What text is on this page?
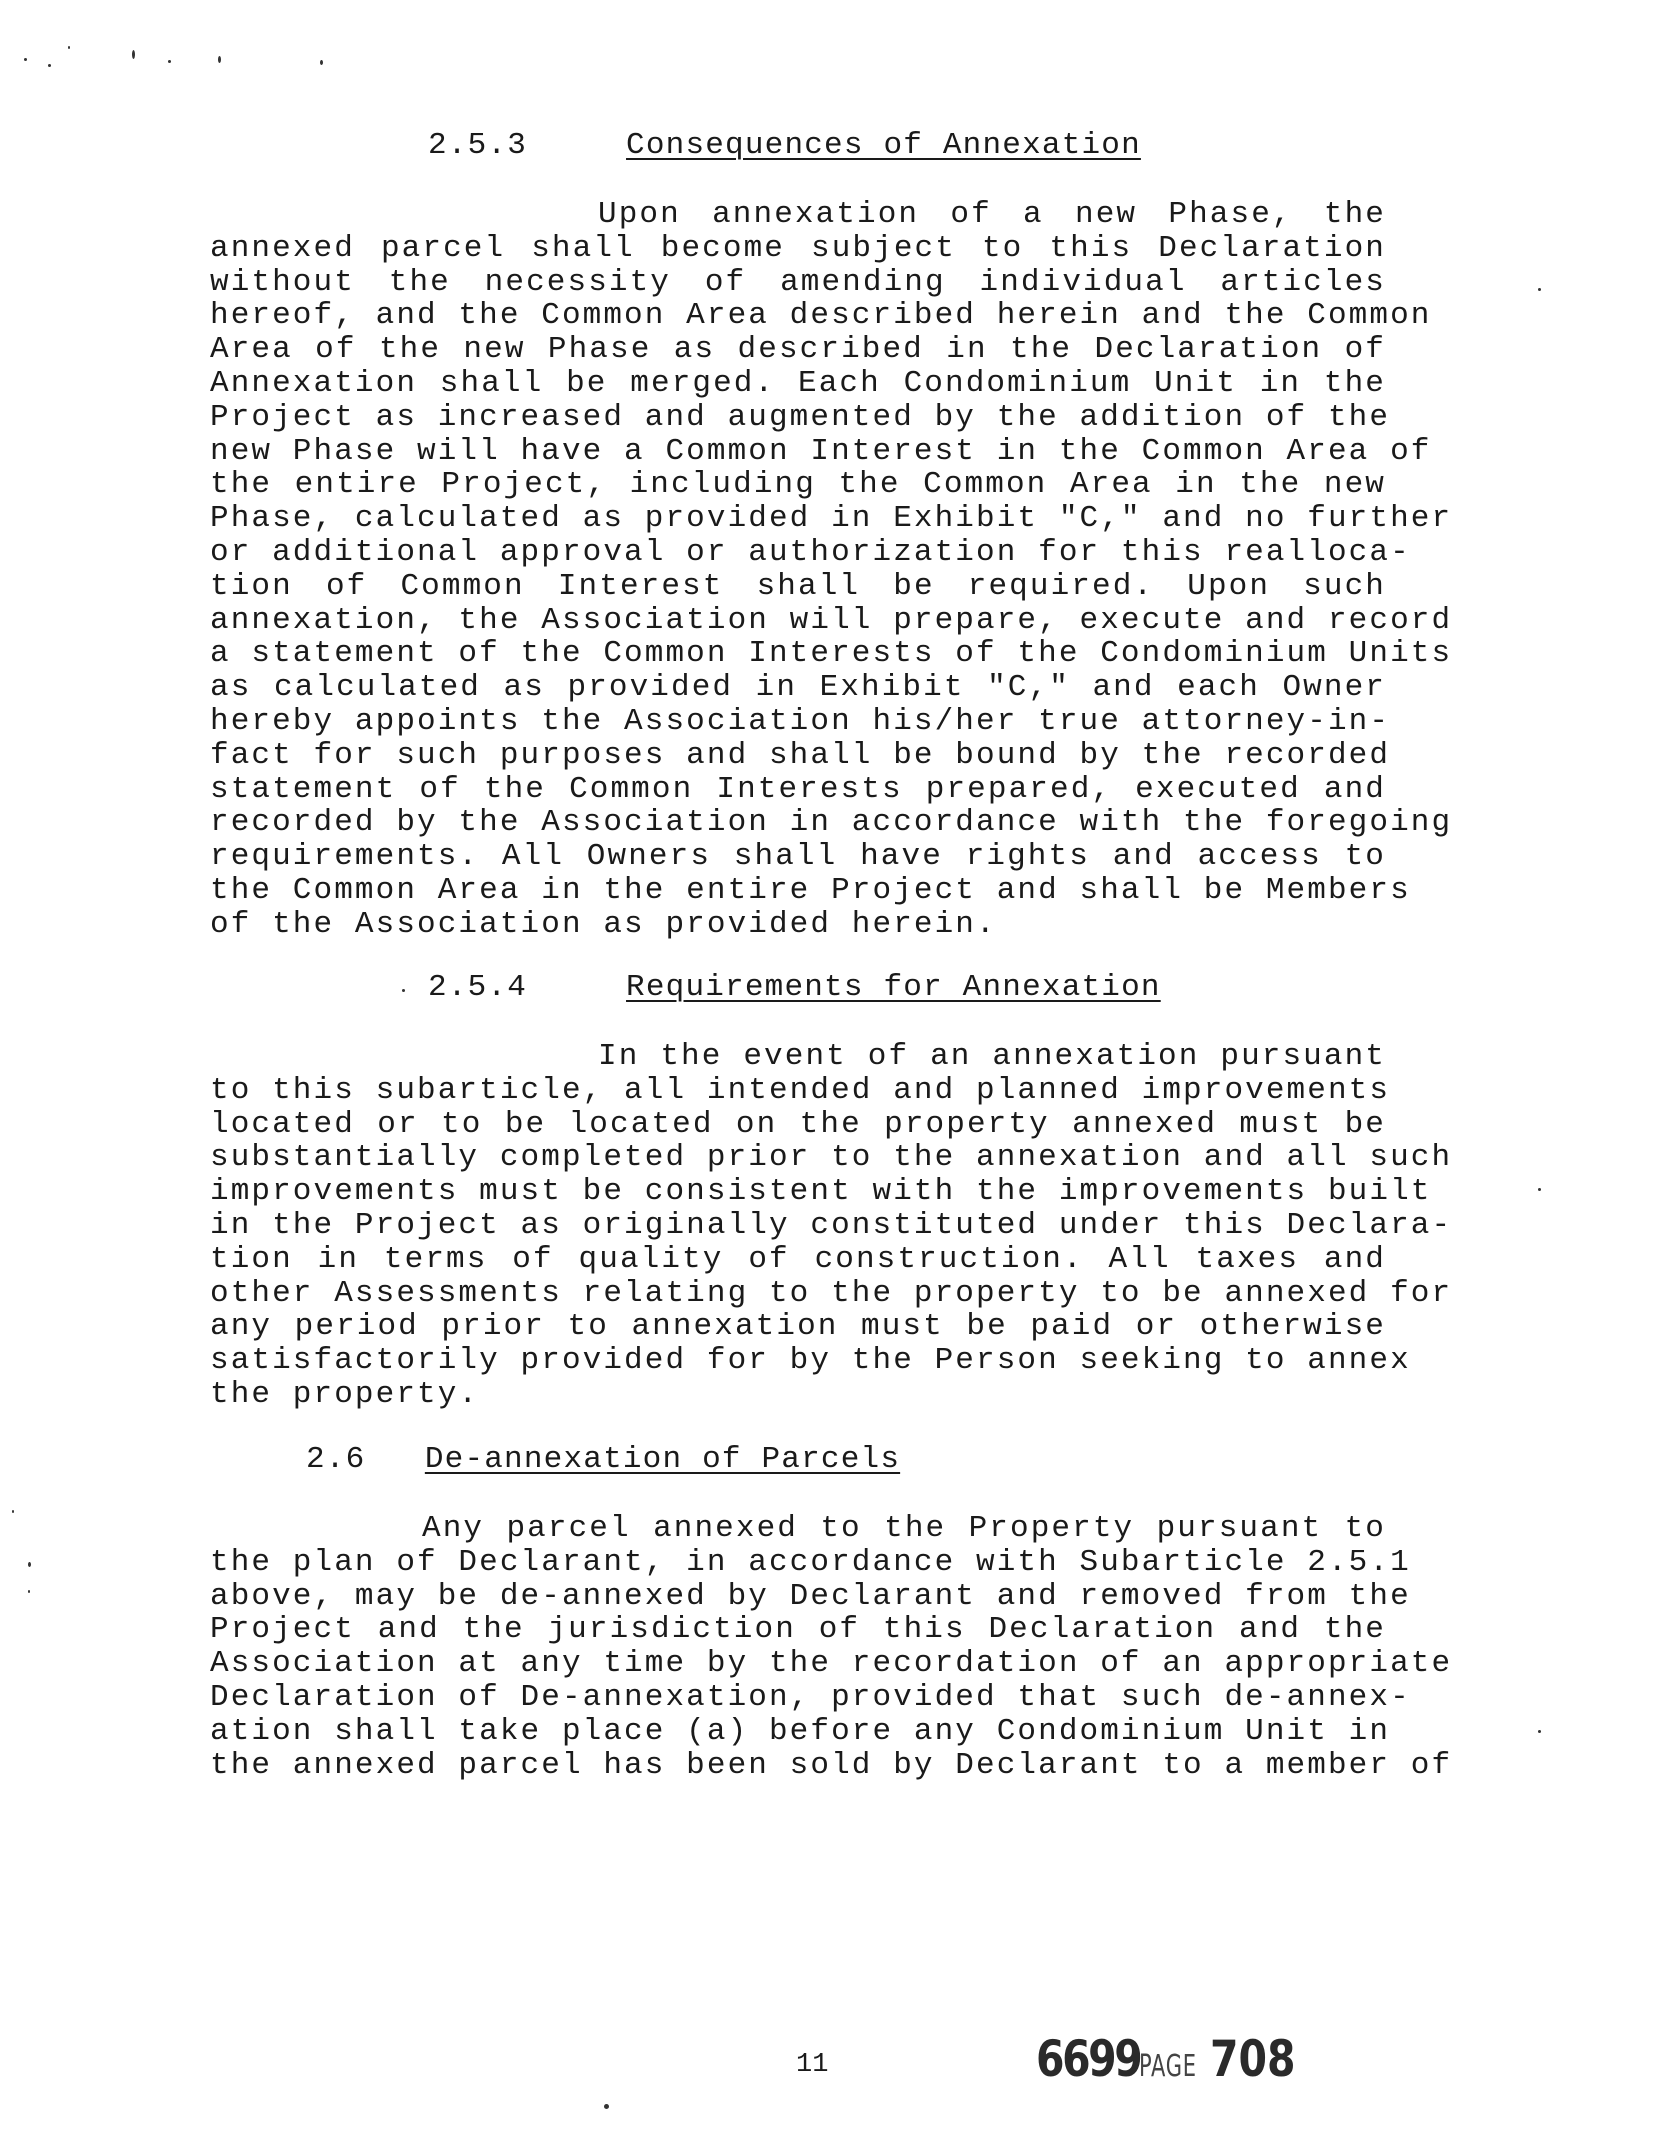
2.5.3	Consequences of Annexation
Upon annexation of a new Phase, the
annexed parcel shall become subject to this Declaration
without the necessity of amending individual articles
hereof, and the Common Area described herein and the Common
Area of the new Phase as described in the Declaration of
Annexation shall be merged. Each Condominium Unit in the
Project as increased and augmented by the addition of the
new Phase will have a Common Interest in the Common Area of
the entire Project, including the Common Area in the new
Phase, calculated as provided in Exhibit "C," and no further
or additional approval or authorization for this realloca-
tion of Common Interest shall be required. Upon such
annexation, the Association will prepare, execute and record
a statement of the Common Interests of the Condominium Units
as calculated as provided in Exhibit "C," and each Owner
hereby appoints the Association his/her true attorney-in-
fact for such purposes and shall be bound by the recorded
statement of the Common Interests prepared, executed and
recorded by the Association in accordance with the foregoing
requirements. All Owners shall have rights and access to
the Common Area in the entire Project and shall be Members
of the Association as provided herein.
2.5.4	Requirements for Annexation
In the event of an annexation pursuant
to this subarticle, all intended and planned improvements
located or to be located on the property annexed must be
substantially completed prior to the annexation and all such
improvements must be consistent with the improvements built
in the Project as originally constituted under this Declara-
tion in terms of quality of construction. All taxes and
other Assessments relating to the property to be annexed for
any period prior to annexation must be paid or otherwise
satisfactorily provided for by the Person seeking to annex
the property.
2.6 De-annexation of Parcels
Any parcel annexed to the Property pursuant to
the plan of Declarant, in accordance with Subarticle 2.5.1
above, may be de-annexed by Declarant and removed from the
Project and the jurisdiction of this Declaration and the
Association at any time by the recordation of an appropriate
Declaration of De-annexation, provided that such de-annex-
ation shall take place (a) before any Condominium Unit in
the annexed parcel has been sold by Declarant to a member of

11	6699PAGE 708
